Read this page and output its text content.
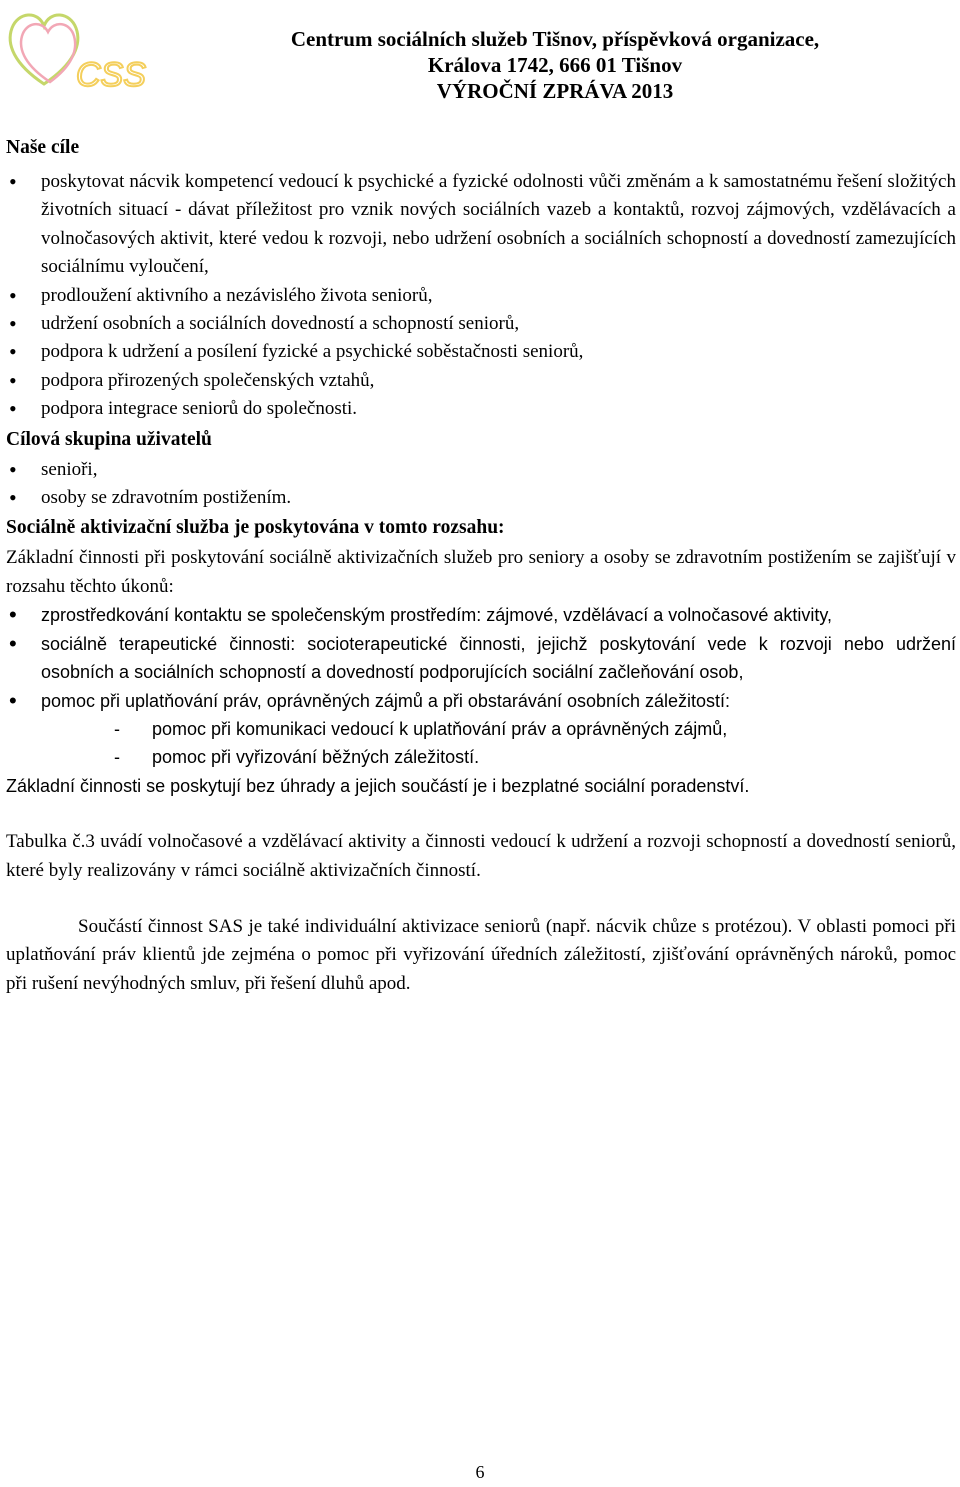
CSS
Centrum sociálních služeb Tišnov, příspěvková organizace,
Králova 1742, 666 01 Tišnov
VÝROČNÍ ZPRÁVA 2013
Naše cíle
• poskytovat nácvik kompetencí vedoucí k psychické a fyzické odolnosti vůči změnám a k samostatnému řešení složitých životních situací - dávat příležitost pro vznik nových sociálních vazeb a kontaktů, rozvoj zájmových, vzdělávacích a volnočasových aktivit, které vedou k rozvoji, nebo udržení osobních a sociálních schopností a dovedností zamezujících sociálnímu vyloučení,
• prodloužení aktivního a nezávislého života seniorů,
• udržení osobních a sociálních dovedností a schopností seniorů,
• podpora k udržení a posílení fyzické a psychické soběstačnosti seniorů,
• podpora přirozených společenských vztahů,
• podpora integrace seniorů do společnosti.
Cílová skupina uživatelů
• senioři,
• osoby se zdravotním postižením.
Sociálně aktivizační služba je poskytována v tomto rozsahu:

Základní činnosti při poskytování sociálně aktivizačních služeb pro seniory a osoby se zdravotním postižením se zajišťují v rozsahu těchto úkonů:

• zprostředkování kontaktu se společenským prostředím: zájmové, vzdělávací a volnočasové aktivity,
• sociálně terapeutické činnosti: socioterapeutické činnosti, jejichž poskytování vede k rozvoji nebo udržení osobních a sociálních schopností a dovedností podporujících sociální začleňování osob,
• pomoc při uplatňování práv, oprávněných zájmů a při obstarávání osobních záležitostí:
- pomoc při komunikaci vedoucí k uplatňování práv a oprávněných zájmů,
- pomoc při vyřizování běžných záležitostí.

Základní činnosti se poskytují bez úhrady a jejich součástí je i bezplatné sociální poradenství.

Tabulka č.3 uvádí volnočasové a vzdělávací aktivity a činnosti vedoucí k udržení a rozvoji schopností a dovedností seniorů, které byly realizovány v rámci sociálně aktivizačních činností.

Součástí činnost SAS je také individuální aktivizace seniorů (např. nácvik chůze s protézou). V oblasti pomoci při uplatňování práv klientů jde zejména o pomoc při vyřizování úředních záležitostí, zjišťování oprávněných nároků, pomoc při rušení nevýhodných smluv, při řešení dluhů apod.

6
